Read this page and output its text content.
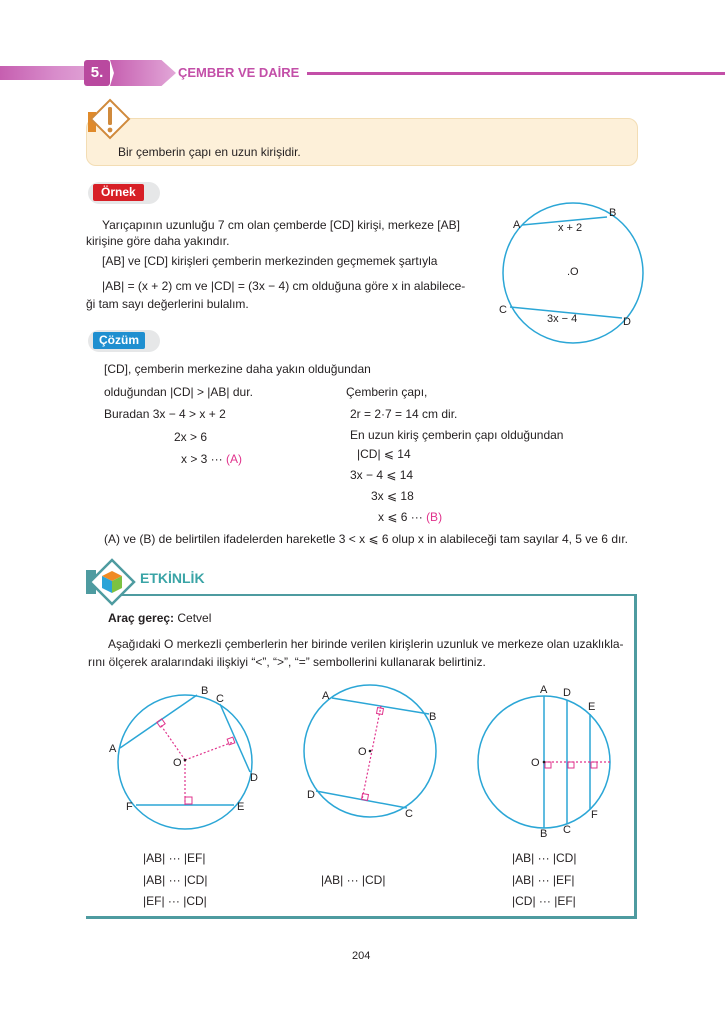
5.	ÇEMBER VE DAİRE
Bir çemberin çapı en uzun kirişidir.
Örnek
Yarıçapının uzunluğu 7 cm olan çemberde [CD] kirişi, merkeze [AB]
kirişine göre daha yakındır.
[AB] ve [CD] kirişleri çemberin merkezinden geçmemek şartıyla
|AB| = (x + 2) cm ve |CD| = (3x − 4) cm olduğuna göre x in alabilece-
ği tam sayı değerlerini bulalım.
A
B
C
D
.O
x + 2
3x − 4
Çözüm
[CD], çemberin merkezine daha yakın olduğundan
olduğundan |CD| > |AB| dur.
Buradan 3x − 4 > x + 2
2x > 6
x > 3 ··· (A)
Çemberin çapı,
2r = 2·7 = 14 cm dir.
En uzun kiriş çemberin çapı olduğundan
|CD| ⩽ 14
3x − 4 ⩽ 14
3x ⩽ 18
x ⩽ 6 ··· (B)
(A) ve (B) de belirtilen ifadelerden hareketle 3 < x ⩽ 6 olup x in alabileceği tam sayılar 4, 5 ve 6 dır.
ETKİNLİK
Araç gereç: Cetvel
Aşağıdaki O merkezli çemberlerin her birinde verilen kirişlerin uzunluk ve merkeze olan uzaklıkla-
rını ölçerek aralarındaki ilişkiyi “<”, “>”, “=” sembollerini kullanarak belirtiniz.
B
C
A
D
F	E
O
A
B
D
C
O
A D
E
F
B C
O
|AB| ··· |EF|
|AB| ··· |CD|
|EF| ··· |CD|
|AB| ··· |CD|
|AB| ··· |CD|
|AB| ··· |EF|
|CD| ··· |EF|
204
